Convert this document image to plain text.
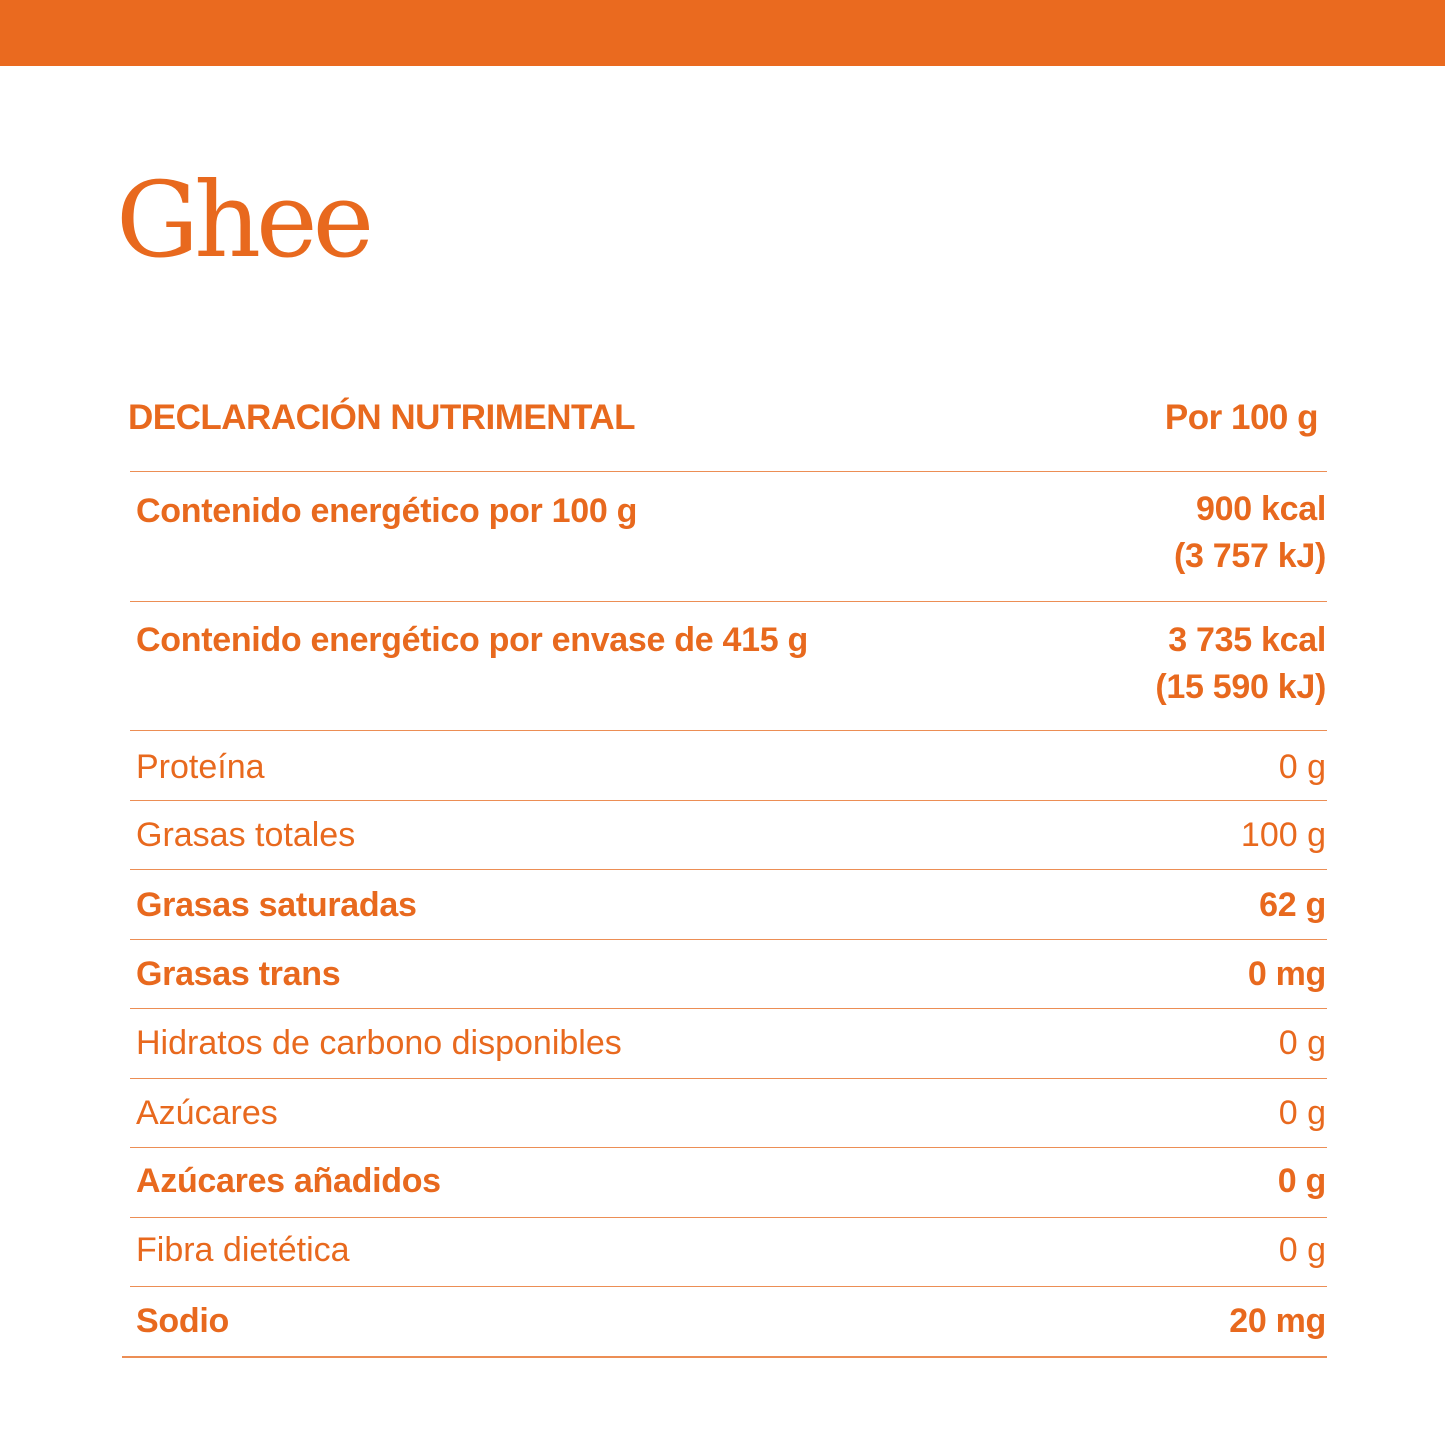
Ghee
DECLARACIÓN NUTRIMENTAL	Por 100 g
Contenido energético por 100 g	900 kcal
(3 757 kJ)
Contenido energético por envase de 415 g	3 735 kcal
(15 590 kJ)
Proteína	0 g
Grasas totales	100 g
Grasas saturadas	62 g
Grasas trans	0 mg
Hidratos de carbono disponibles	0 g
Azúcares	0 g
Azúcares añadidos	0 g
Fibra dietética	0 g
Sodio	20 mg
